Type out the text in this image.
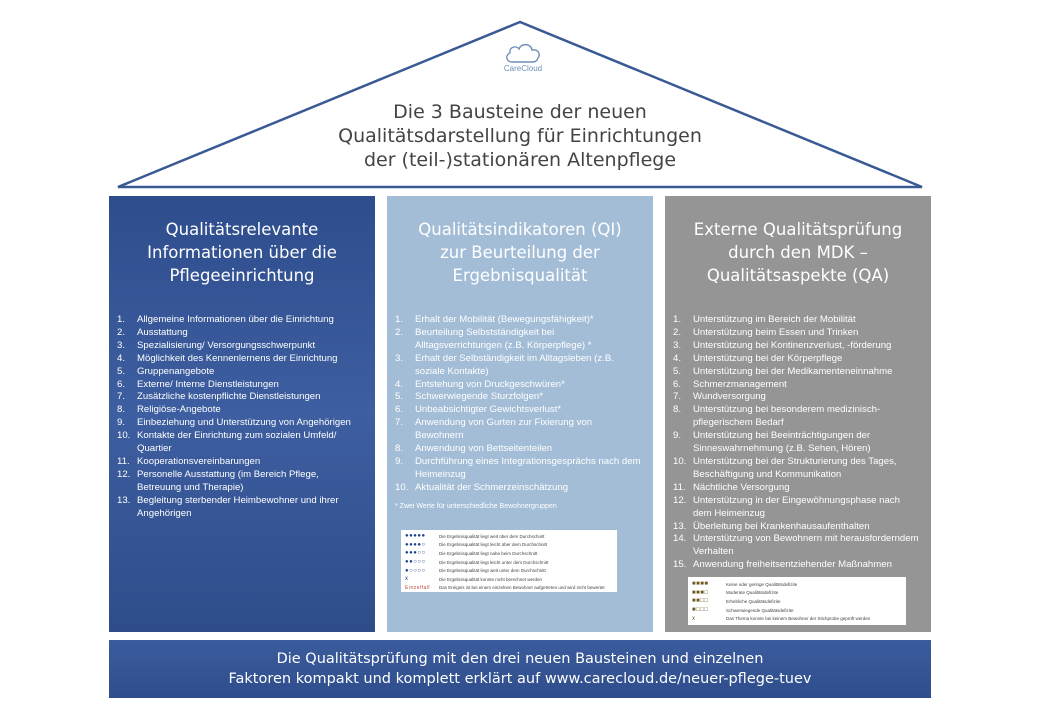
CareCloud
Die 3 Bausteine der neuen
Qualitätsdarstellung für Einrichtungen
der (teil-)stationären Altenpflege
Qualitätsrelevante
Informationen über die
Pflegeeinrichtung
1.	Allgemeine Informationen über die Einrichtung
2.	Ausstattung
3.	Spezialisierung/ Versorgungsschwerpunkt
4.	Möglichkeit des Kennenlernens der Einrichtung
5.	Gruppenangebote
6.	Externe/ Interne Dienstleistungen
7.	Zusätzliche kostenpflichte Dienstleistungen
8.	Religiöse-Angebote
9.	Einbeziehung und Unterstützung von Angehörigen
10. Kontakte der Einrichtung zum sozialen Umfeld/ Quartier
11. Kooperationsvereinbarungen
12. Personelle Ausstattung (im Bereich Pflege, Betreuung und Therapie)
13. Begleitung sterbender Heimbewohner und ihrer Angehörigen
Qualitätsindikatoren (QI)
zur Beurteilung der
Ergebnisqualität
1.	Erhalt der Mobilität (Bewegungsfähigkeit)*
2.	Beurteilung Selbstständigkeit bei Alltagsverrichtungen (z.B. Körperpflege) *
3.	Erhalt der Selbständigkeit im Alltagsleben (z.B. soziale Kontakte)
4.	Entstehung von Druckgeschwüren*
5.	Schwerwiegende Sturzfolgen*
6.	Unbeabsichtigter Gewichtsverlust*
7.	Anwendung von Gurten zur Fixierung von Bewohnern
8.	Anwendung von Bettseitenteilen
9.	Durchführung eines Integrationsgesprächs nach dem Heimeinzug
10. Aktualität der Schmerzeinschätzung
* Zwei Werte für unterschiedliche Bewohnergruppen
Externe Qualitätsprüfung
durch den MDK –
Qualitätsaspekte (QA)
1.	Unterstützung im Bereich der Mobilität
2.	Unterstützung beim Essen und Trinken
3.	Unterstützung bei Kontinenzverlust, -förderung
4.	Unterstützung bei der Körperpflege
5.	Unterstützung bei der Medikamenteneinnahme
6.	Schmerzmanagement
7.	Wundversorgung
8.	Unterstützung bei besonderem medizinisch-pflegerischem Bedarf
9.	Unterstützung bei Beeinträchtigungen der Sinneswahrnehmung (z.B. Sehen, Hören)
10. Unterstützung bei der Strukturierung des Tages, Beschäftigung und Kommunikation
11. Nächtliche Versorgung
12. Unterstützung in der Eingewöhnungsphase nach dem Heimeinzug
13. Überleitung bei Krankenhausaufenthalten
14. Unterstützung von Bewohnern mit herausforderndem Verhalten
15. Anwendung freiheitsentziehender Maßnahmen
●●●●●	Die Ergebnisqualität liegt weit über dem Durchschnitt
●●●●○	Die Ergebnisqualität liegt leicht über dem Durchschnitt
●●●○○	Die Ergebnisqualität liegt nahe beim Durchschnitt
●●○○○	Die Ergebnisqualität liegt leicht unter dem Durchschnitt
●○○○○	Die Ergebnisqualität liegt weit unter dem Durchschnitt
x	Die Ergebnisqualität konnte nicht berechnet werden
Einzelfall	Das Ereignis ist bei einem einzelnen Bewohner aufgetreten und wird nicht bewertet
■■■■	Keine oder geringe Qualitätsdefizite
■■■□	Moderate Qualitätsdefizite
■■□□	Erhebliche Qualitätsdefizite
■□□□	Schwerwiegende Qualitätsdefizite
x	Das Thema konnte bei keinem Bewohner der Stichprobe geprüft werden
Die Qualitätsprüfung mit den drei neuen Bausteinen und einzelnen
Faktoren kompakt und komplett erklärt auf www.carecloud.de/neuer-pflege-tuev
